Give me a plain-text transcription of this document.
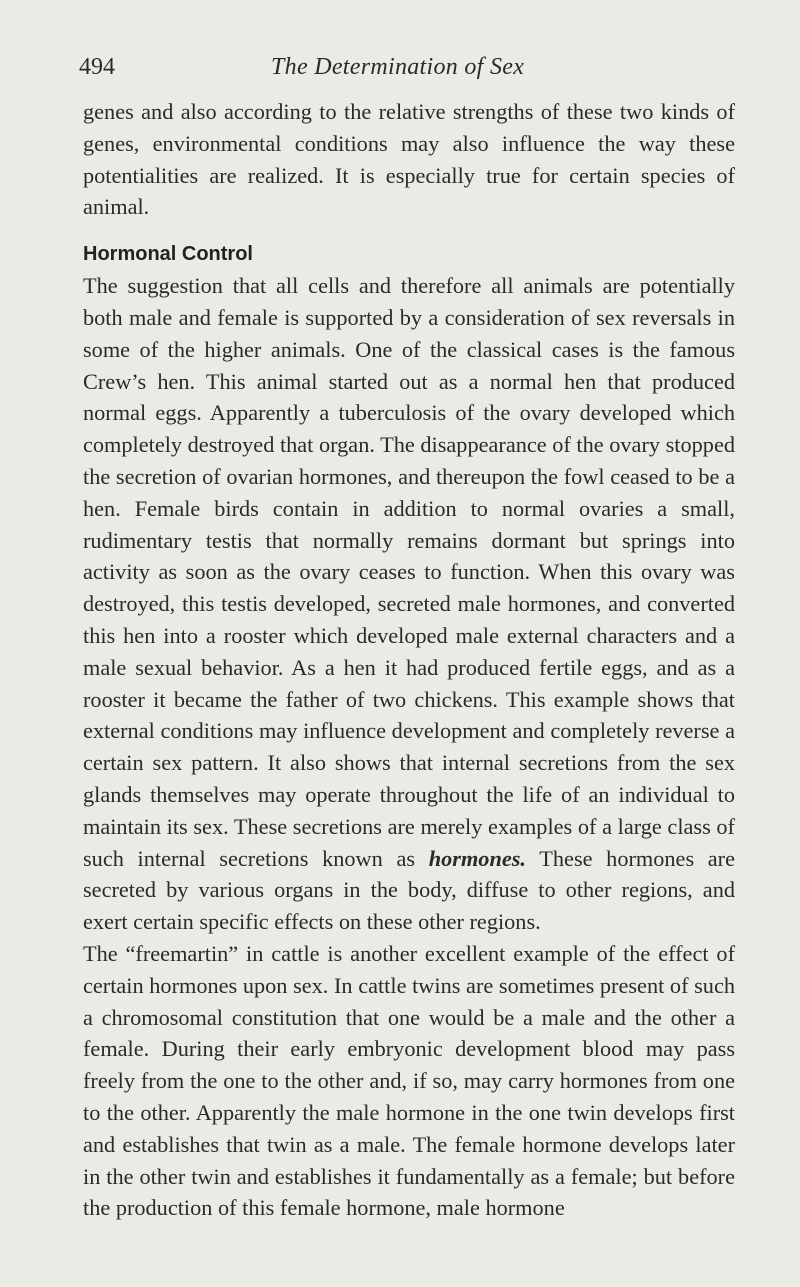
494	The Determination of Sex

genes and also according to the relative strengths of these two kinds of genes, environmental conditions may also influence the way these potentialities are realized. It is especially true for certain species of animal.

Hormonal Control

The suggestion that all cells and therefore all animals are potentially both male and female is supported by a consideration of sex reversals in some of the higher animals. One of the classical cases is the famous Crew’s hen. This animal started out as a normal hen that produced normal eggs. Apparently a tuberculosis of the ovary developed which completely destroyed that organ. The disappearance of the ovary stopped the secretion of ovarian hormones, and thereupon the fowl ceased to be a hen. Female birds contain in addition to normal ovaries a small, rudimentary testis that normally remains dormant but springs into activity as soon as the ovary ceases to function. When this ovary was destroyed, this testis developed, secreted male hormones, and converted this hen into a rooster which developed male external characters and a male sexual behavior. As a hen it had produced fertile eggs, and as a rooster it became the father of two chickens. This example shows that external conditions may influence development and completely reverse a certain sex pattern. It also shows that internal secretions from the sex glands themselves may operate throughout the life of an individual to maintain its sex. These secretions are merely examples of a large class of such internal secretions known as hormones. These hormones are secreted by various organs in the body, diffuse to other regions, and exert certain specific effects on these other regions.

The “freemartin” in cattle is another excellent example of the effect of certain hormones upon sex. In cattle twins are sometimes present of such a chromosomal constitution that one would be a male and the other a female. During their early embryonic development blood may pass freely from the one to the other and, if so, may carry hormones from one to the other. Apparently the male hormone in the one twin develops first and establishes that twin as a male. The female hormone develops later in the other twin and establishes it fundamentally as a female; but before the production of this female hormone, male hormone
